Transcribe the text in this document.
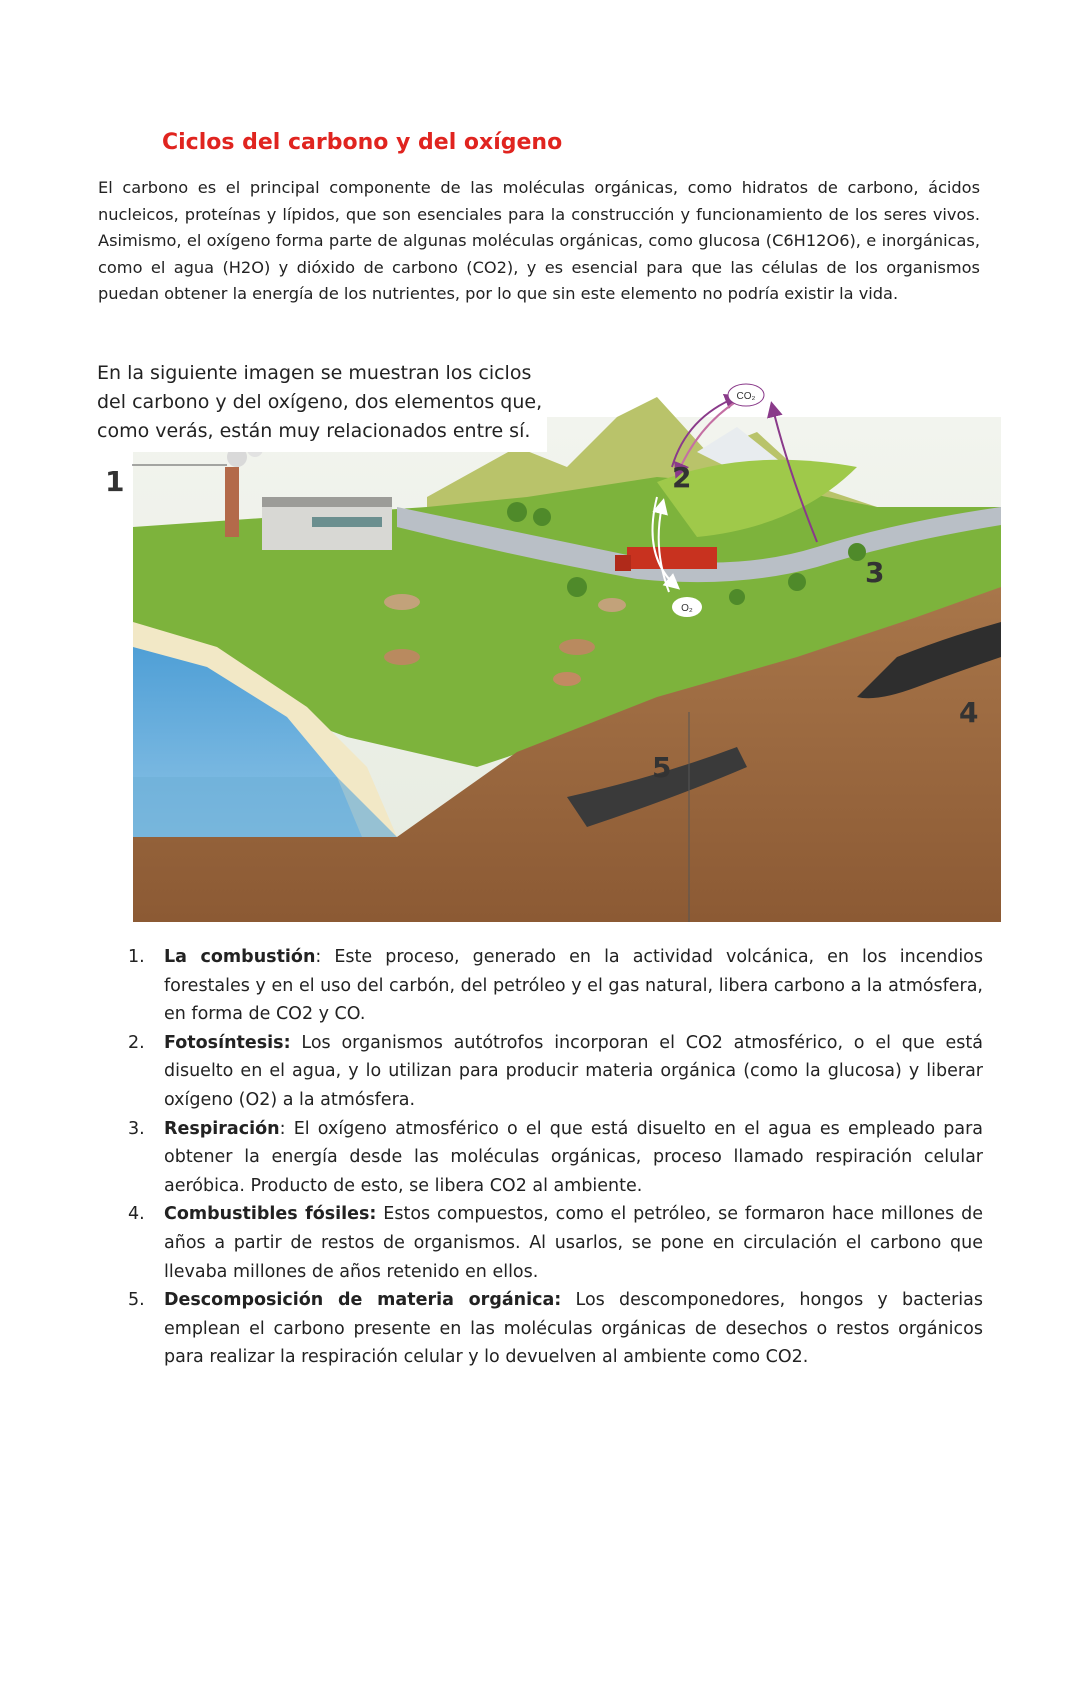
Ciclos del carbono y del oxígeno

El carbono es el principal componente de las moléculas orgánicas, como hidratos de carbono, ácidos nucleicos, proteínas y lípidos, que son esenciales para la construcción y funcionamiento de los seres vivos. Asimismo, el oxígeno forma parte de algunas moléculas orgánicas, como glucosa (C6H12O6), e inorgánicas, como el agua (H2O) y dióxido de carbono (CO2), y es esencial para que las células de los organismos puedan obtener la energía de los nutrientes, por lo que sin este elemento no podría existir la vida.

CO₂
O₂
1	2
3
4
5

En la siguiente imagen se muestran los ciclos del carbono y del oxígeno, dos elementos que, como verás, están muy relacionados entre sí.

1. La combustión: Este proceso, generado en la actividad volcánica, en los incendios forestales y en el uso del carbón, del petróleo y el gas natural, libera carbono a la atmósfera, en forma de CO2 y CO.
2. Fotosíntesis: Los organismos autótrofos incorporan el CO2 atmosférico, o el que está disuelto en el agua, y lo utilizan para producir materia orgánica (como la glucosa) y liberar oxígeno (O2) a la atmósfera.
3. Respiración: El oxígeno atmosférico o el que está disuelto en el agua es empleado para obtener la energía desde las moléculas orgánicas, proceso llamado respiración celular aeróbica. Producto de esto, se libera CO2 al ambiente.
4. Combustibles fósiles: Estos compuestos, como el petróleo, se formaron hace millones de años a partir de restos de organismos. Al usarlos, se pone en circulación el carbono que llevaba millones de años retenido en ellos.
5. Descomposición de materia orgánica: Los descomponedores, hongos y bacterias emplean el carbono presente en las moléculas orgánicas de desechos o restos orgánicos para realizar la respiración celular y lo devuelven al ambiente como CO2.
